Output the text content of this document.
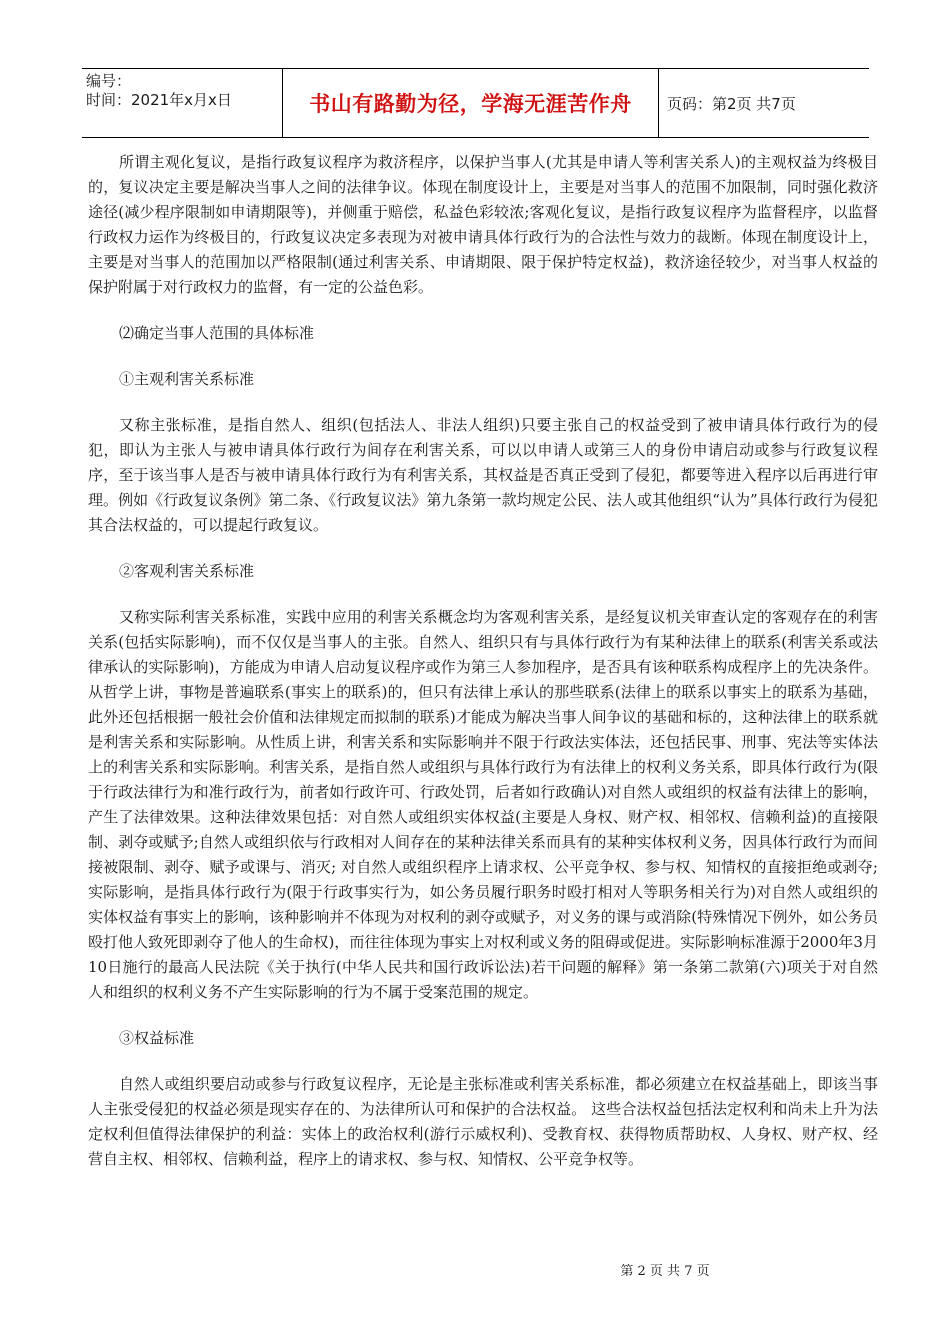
编号：
时间：2021年x月x日	书山有路勤为径，学海无涯苦作舟	页码：第2页 共7页

所谓主观化复议，是指行政复议程序为救济程序，以保护当事人(尤其是申请人等利害关系人)的主观权益为终极目的，复议决定主要是解决当事人之间的法律争议。体现在制度设计上，主要是对当事人的范围不加限制，同时强化救济途径(减少程序限制如申请期限等)，并侧重于赔偿，私益色彩较浓;客观化复议，是指行政复议程序为监督程序，以监督行政权力运作为终极目的，行政复议决定多表现为对被申请具体行政行为的合法性与效力的裁断。体现在制度设计上，主要是对当事人的范围加以严格限制(通过利害关系、申请期限、限于保护特定权益)，救济途径较少，对当事人权益的保护附属于对行政权力的监督，有一定的公益色彩。

⑵确定当事人范围的具体标准

①主观利害关系标准

又称主张标准，是指自然人、组织(包括法人、非法人组织)只要主张自己的权益受到了被申请具体行政行为的侵犯，即认为主张人与被申请具体行政行为间存在利害关系，可以以申请人或第三人的身份申请启动或参与行政复议程序，至于该当事人是否与被申请具体行政行为有利害关系，其权益是否真正受到了侵犯，都要等进入程序以后再进行审理。例如《行政复议条例》第二条、《行政复议法》第九条第一款均规定公民、法人或其他组织“认为”具体行政行为侵犯其合法权益的，可以提起行政复议。

②客观利害关系标准

又称实际利害关系标准，实践中应用的利害关系概念均为客观利害关系，是经复议机关审查认定的客观存在的利害关系(包括实际影响)，而不仅仅是当事人的主张。自然人、组织只有与具体行政行为有某种法律上的联系(利害关系或法律承认的实际影响)，方能成为申请人启动复议程序或作为第三人参加程序，是否具有该种联系构成程序上的先决条件。从哲学上讲，事物是普遍联系(事实上的联系)的，但只有法律上承认的那些联系(法律上的联系以事实上的联系为基础，此外还包括根据一般社会价值和法律规定而拟制的联系)才能成为解决当事人间争议的基础和标的，这种法律上的联系就是利害关系和实际影响。从性质上讲，利害关系和实际影响并不限于行政法实体法，还包括民事、刑事、宪法等实体法上的利害关系和实际影响。利害关系，是指自然人或组织与具体行政行为有法律上的权利义务关系，即具体行政行为(限于行政法律行为和准行政行为，前者如行政许可、行政处罚，后者如行政确认)对自然人或组织的权益有法律上的影响，产生了法律效果。这种法律效果包括：对自然人或组织实体权益(主要是人身权、财产权、相邻权、信赖利益)的直接限制、剥夺或赋予;自然人或组织依与行政相对人间存在的某种法律关系而具有的某种实体权利义务，因具体行政行为而间接被限制、剥夺、赋予或课与、消灭; 对自然人或组织程序上请求权、公平竞争权、参与权、知情权的直接拒绝或剥夺;实际影响，是指具体行政行为(限于行政事实行为，如公务员履行职务时殴打相对人等职务相关行为)对自然人或组织的实体权益有事实上的影响，该种影响并不体现为对权利的剥夺或赋予，对义务的课与或消除(特殊情况下例外，如公务员殴打他人致死即剥夺了他人的生命权)，而往往体现为事实上对权利或义务的阻碍或促进。实际影响标准源于2000年3月10日施行的最高人民法院《关于执行(中华人民共和国行政诉讼法)若干问题的解释》第一条第二款第(六)项关于对自然人和组织的权利义务不产生实际影响的行为不属于受案范围的规定。

③权益标准

自然人或组织要启动或参与行政复议程序，无论是主张标准或利害关系标准，都必须建立在权益基础上，即该当事人主张受侵犯的权益必须是现实存在的、为法律所认可和保护的合法权益。 这些合法权益包括法定权利和尚未上升为法定权利但值得法律保护的利益：实体上的政治权利(游行示威权利)、受教育权、获得物质帮助权、人身权、财产权、经营自主权、相邻权、信赖利益，程序上的请求权、参与权、知情权、公平竞争权等。

第 2 页 共 7 页
